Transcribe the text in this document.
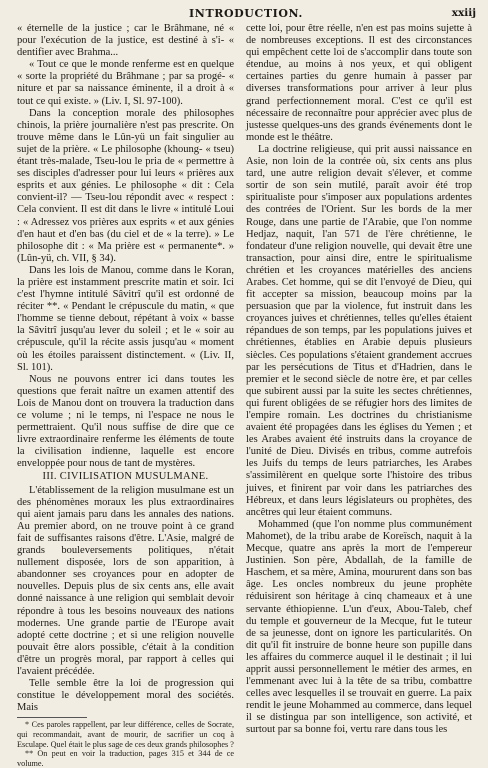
INTRODUCTION.	xxiij

« éternelle de la justice ; car le Brâhmane, né « pour l'exécution de la justice, est destiné à s'i- « dentifier avec Brahma...

« Tout ce que le monde renferme est en quelque « sorte la propriété du Brâhmane ; par sa progé- « niture et par sa naissance éminente, il a droit à « tout ce qui existe. » (Liv. I, Sl. 97-100).

Dans la conception morale des philosophes chinois, la prière journalière n'est pas prescrite. On trouve même dans le Lûn-yü un fait singulier au sujet de la prière. « Le philosophe (khoung- « tseu) étant très-malade, Tseu-lou le pria de « permettre à ses disciples d'adresser pour lui leurs « prières aux esprits et aux génies. Le philosophe « dit : Cela convient-il? — Tseu-lou répondit avec « respect : Cela convient. Il est dit dans le livre « intitulé Loui : « Adressez vos prières aux esprits « et aux génies d'en haut et d'en bas (du ciel et de « la terre). » Le philosophe dit : « Ma prière est « permanente*. » (Lûn-yü, ch. VII, § 34).

Dans les lois de Manou, comme dans le Koran, la prière est instamment prescrite matin et soir. Ici c'est l'hymne intitulé Sâvitrî qu'il est ordonné de réciter **. « Pendant le crépuscule du matin, « que l'homme se tienne debout, répétant à voix « basse la Sâvitrî jusqu'au lever du soleil ; et le « soir au crépuscule, qu'il la récite assis jusqu'au « moment où les étoiles paraissent distinctement. « (Liv. II, Sl. 101).

Nous ne pouvons entrer ici dans toutes les questions que ferait naître un examen attentif des Lois de Manou dont on trouvera la traduction dans ce volume ; ni le temps, ni l'espace ne nous le permettraient. Qu'il nous suffise de dire que ce livre extraordinaire renferme les éléments de toute la civilisation indienne, laquelle est encore enveloppée pour nous de tant de mystères.

III. CIVILISATION MUSULMANE.

L'établissement de la religion musulmane est un des phénomènes moraux les plus extraordinaires qui aient jamais paru dans les annales des nations. Au premier abord, on ne trouve point à ce grand fait de suffisantes raisons d'être. L'Asie, malgré de grands bouleversements politiques, n'était nullement disposée, lors de son apparition, à abandonner ses croyances pour en adopter de nouvelles. Depuis plus de six cents ans, elle avait donné naissance à une religion qui semblait devoir répondre à tous les besoins nouveaux des nations modernes. Une grande partie de l'Europe avait adopté cette doctrine ; et si une religion nouvelle pouvait être alors possible, c'était à la condition d'être un progrès moral, par rapport à celles qui l'avaient précédée.

Telle semble être la loi de progression qui constitue le développement moral des sociétés. Mais

* Ces paroles rappellent, par leur différence, celles de Socrate, qui recommandait, avant de mourir, de sacrifier un coq à Esculape. Quel était le plus sage de ces deux grands philosophes ?

** On peut en voir la traduction, pages 315 et 344 de ce volume.

cette loi, pour être réelle, n'en est pas moins sujette à de nombreuses exceptions. Il est des circonstances qui empêchent cette loi de s'accomplir dans toute son étendue, au moins à nos yeux, et qui obligent certaines parties du genre humain à passer par diverses transformations pour arriver à leur plus grand perfectionnement moral. C'est ce qu'il est nécessaire de reconnaître pour apprécier avec plus de justesse quelques-uns des grands événements dont le monde est le théâtre.

La doctrine religieuse, qui prit aussi naissance en Asie, non loin de la contrée où, six cents ans plus tard, une autre religion devait s'élever, et comme sortir de son sein mutilé, paraît avoir été trop spiritualiste pour s'imposer aux populations ardentes des contrées de l'Orient. Sur les bords de la mer Rouge, dans une partie de l'Arabie, que l'on nomme Hedjaz, naquit, l'an 571 de l'ère chrétienne, le fondateur d'une religion nouvelle, qui devait être une transaction, pour ainsi dire, entre le spiritualisme chrétien et les croyances matérielles des anciens Arabes. Cet homme, qui se dit l'envoyé de Dieu, qui fit accepter sa mission, beaucoup moins par la persuasion que par la violence, fut instruit dans les croyances juives et chrétiennes, telles qu'elles étaient répandues de son temps, par les populations juives et chrétiennes, établies en Arabie depuis plusieurs siècles. Ces populations s'étaient grandement accrues par les persécutions de Titus et d'Hadrien, dans le premier et le second siècle de notre ère, et par celles que subirent aussi par la suite les sectes chrétiennes, qui furent obligées de se réfugier hors des limites de l'empire romain. Les doctrines du christianisme avaient été propagées dans les églises du Yemen ; et les Arabes avaient été instruits dans la croyance de l'unité de Dieu. Divisés en tribus, comme autrefois les Juifs du temps de leurs patriarches, les Arabes s'assimilèrent en quelque sorte l'histoire des tribus juives, et finirent par voir dans les patriarches des Hébreux, et dans leurs législateurs ou prophètes, des ancêtres qui leur étaient communs.

Mohammed (que l'on nomme plus communément Mahomet), de la tribu arabe de Koreïsch, naquit à la Mecque, quatre ans après la mort de l'empereur Justinien. Son père, Abdallah, de la famille de Haschem, et sa mère, Amina, moururent dans son bas âge. Les oncles nombreux du jeune prophète réduisirent son héritage à cinq chameaux et à une servante éthiopienne. L'un d'eux, Abou-Taleb, chef du temple et gouverneur de la Mecque, fut le tuteur de sa jeunesse, dont on ignore les particularités. On dit qu'il fit instruire de bonne heure son pupille dans les affaires du commerce auquel il le destinait ; il lui apprit aussi personnellement le métier des armes, en l'emmenant avec lui à la tête de sa tribu, combattre celles avec lesquelles il se trouvait en guerre. La paix rendit le jeune Mohammed au commerce, dans lequel il se distingua par son intelligence, son activité, et surtout par sa bonne foi, vertu rare dans tous les
